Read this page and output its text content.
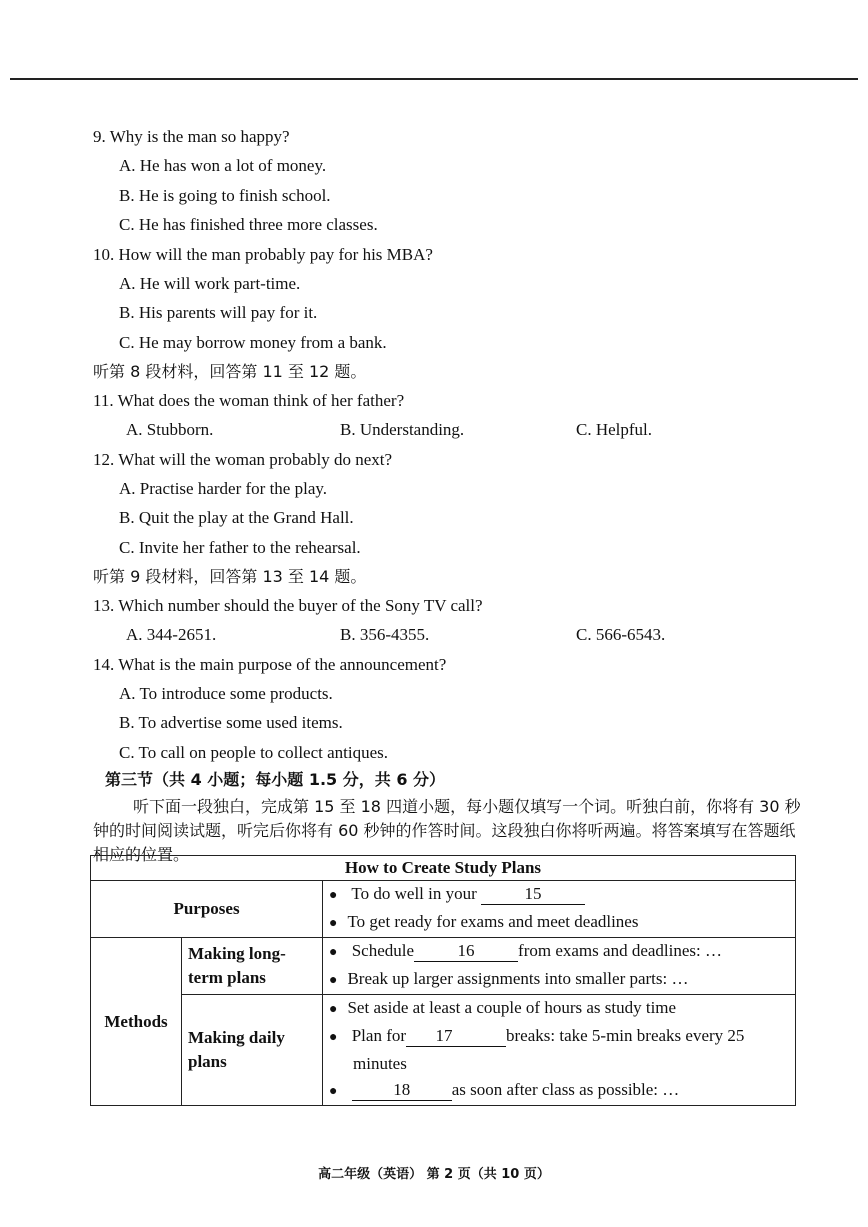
9. Why is the man so happy?
A. He has won a lot of money.
B. He is going to finish school.
C. He has finished three more classes.
10. How will the man probably pay for his MBA?
A. He will work part-time.
B. His parents will pay for it.
C. He may borrow money from a bank.
听第 8 段材料，回答第 11 至 12 题。
11. What does the woman think of her father?
A. Stubborn.	B. Understanding.	C. Helpful.
12. What will the woman probably do next?
A. Practise harder for the play.
B. Quit the play at the Grand Hall.
C. Invite her father to the rehearsal.
听第 9 段材料，回答第 13 至 14 题。
13. Which number should the buyer of the Sony TV call?
A. 344-2651.	B. 356-4355.	C. 566-6543.
14. What is the main purpose of the announcement?
A. To introduce some products.
B. To advertise some used items.
C. To call on people to collect antiques.
第三节（共 4 小题；每小题 1.5 分，共 6 分）
听下面一段独白，完成第 15 至 18 四道小题，每小题仅填写一个词。听独白前，你将有 30 秒钟的时间阅读试题，听完后你将有 60 秒钟的作答时间。这段独白你将听两遍。将答案填写在答题纸相应的位置。
How to Create Study Plans		
Purposes		● To do well in your 15
● To get ready for exams and meet deadlines

Methods	Making long-term plans	● Schedule 16 from exams and deadlines: …
● Break up larger assignments into smaller parts: …

	Making daily plans	● Set aside at least a couple of hours as study time
● Plan for 17 breaks: take 5-min breaks every 25 minutes
● 18 as soon after class as possible: …
高二年级（英语） 第 2 页（共 10 页）
